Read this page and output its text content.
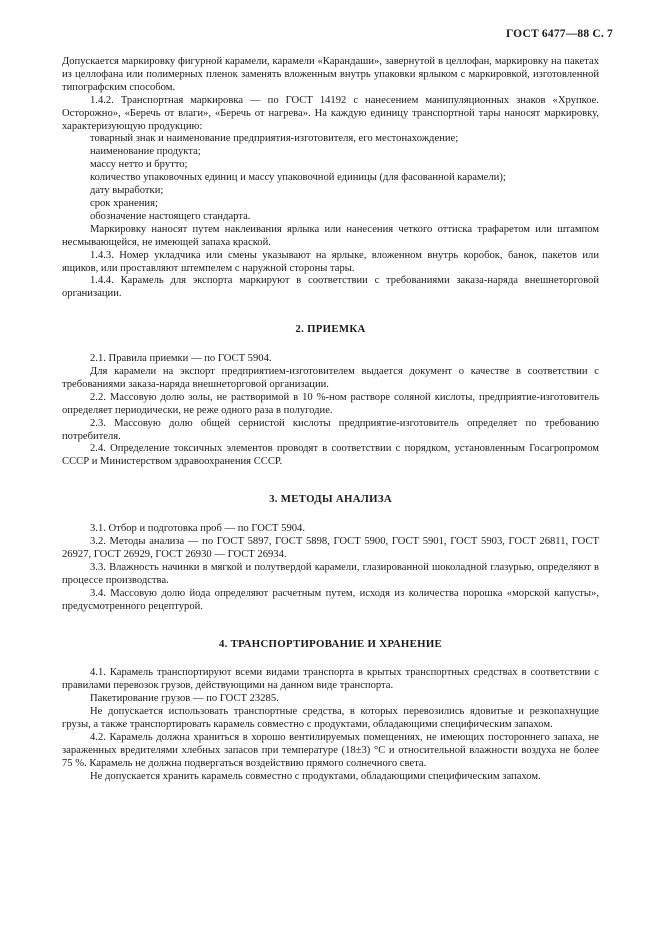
ГОСТ 6477—88 С. 7

Допускается маркировку фигурной карамели, карамели «Карандаши», завернутой в целлофан, маркировку на пакетах из целлофана или полимерных пленок заменять вложенным внутрь упаковки ярлыком с маркировкой, изготовленной типографским способом.

1.4.2. Транспортная маркировка — по ГОСТ 14192 с нанесением манипуляционных знаков «Хрупкое. Осторожно», «Беречь от влаги», «Беречь от нагрева». На каждую единицу транспортной тары наносят маркировку, характеризующую продукцию:

товарный знак и наименование предприятия-изготовителя, его местонахождение;

наименование продукта;

массу нетто и брутто;

количество упаковочных единиц и массу упаковочной единицы (для фасованной карамели);

дату выработки;

срок хранения;

обозначение настоящего стандарта.

Маркировку наносят путем наклеивания ярлыка или нанесения четкого оттиска трафаретом или штампом несмывающейся, не имеющей запаха краской.

1.4.3. Номер укладчика или смены указывают на ярлыке, вложенном внутрь коробок, банок, пакетов или ящиков, или проставляют штемпелем с наружной стороны тары.

1.4.4. Карамель для экспорта маркируют в соответствии с требованиями заказа-наряда внешнеторговой организации.

2. ПРИЕМКА

2.1. Правила приемки — по ГОСТ 5904.

Для карамели на экспорт предприятием-изготовителем выдается документ о качестве в соответствии с требованиями заказа-наряда внешнеторговой организации.

2.2. Массовую долю золы, не растворимой в 10 %-ном растворе соляной кислоты, предприятие-изготовитель определяет периодически, не реже одного раза в полугодие.

2.3. Массовую долю общей сернистой кислоты предприятие-изготовитель определяет по требованию потребителя.

2.4. Определение токсичных элементов проводят в соответствии с порядком, установленным Госагропромом СССР и Министерством здравоохранения СССР.

3. МЕТОДЫ АНАЛИЗА

3.1. Отбор и подготовка проб — по ГОСТ 5904.

3.2. Методы анализа — по ГОСТ 5897, ГОСТ 5898, ГОСТ 5900, ГОСТ 5901, ГОСТ 5903, ГОСТ 26811, ГОСТ 26927, ГОСТ 26929, ГОСТ 26930 — ГОСТ 26934.

3.3. Влажность начинки в мягкой и полутвердой карамели, глазированной шоколадной глазурью, определяют в процессе производства.

3.4. Массовую долю йода определяют расчетным путем, исходя из количества порошка «морской капусты», предусмотренного рецептурой.

4. ТРАНСПОРТИРОВАНИЕ И ХРАНЕНИЕ

4.1. Карамель транспортируют всеми видами транспорта в крытых транспортных средствах в соответствии с правилами перевозок грузов, действующими на данном виде транспорта.

Пакетирование грузов — по ГОСТ 23285.

Не допускается использовать транспортные средства, в которых перевозились ядовитые и резкопахнущие грузы, а также транспортировать карамель совместно с продуктами, обладающими специфическим запахом.

4.2. Карамель должна храниться в хорошо вентилируемых помещениях, не имеющих постороннего запаха, не зараженных вредителями хлебных запасов при температуре (18±3) °С и относительной влажности воздуха не более 75 %. Карамель не должна подвергаться воздействию прямого солнечного света.

Не допускается хранить карамель совместно с продуктами, обладающими специфическим запахом.
